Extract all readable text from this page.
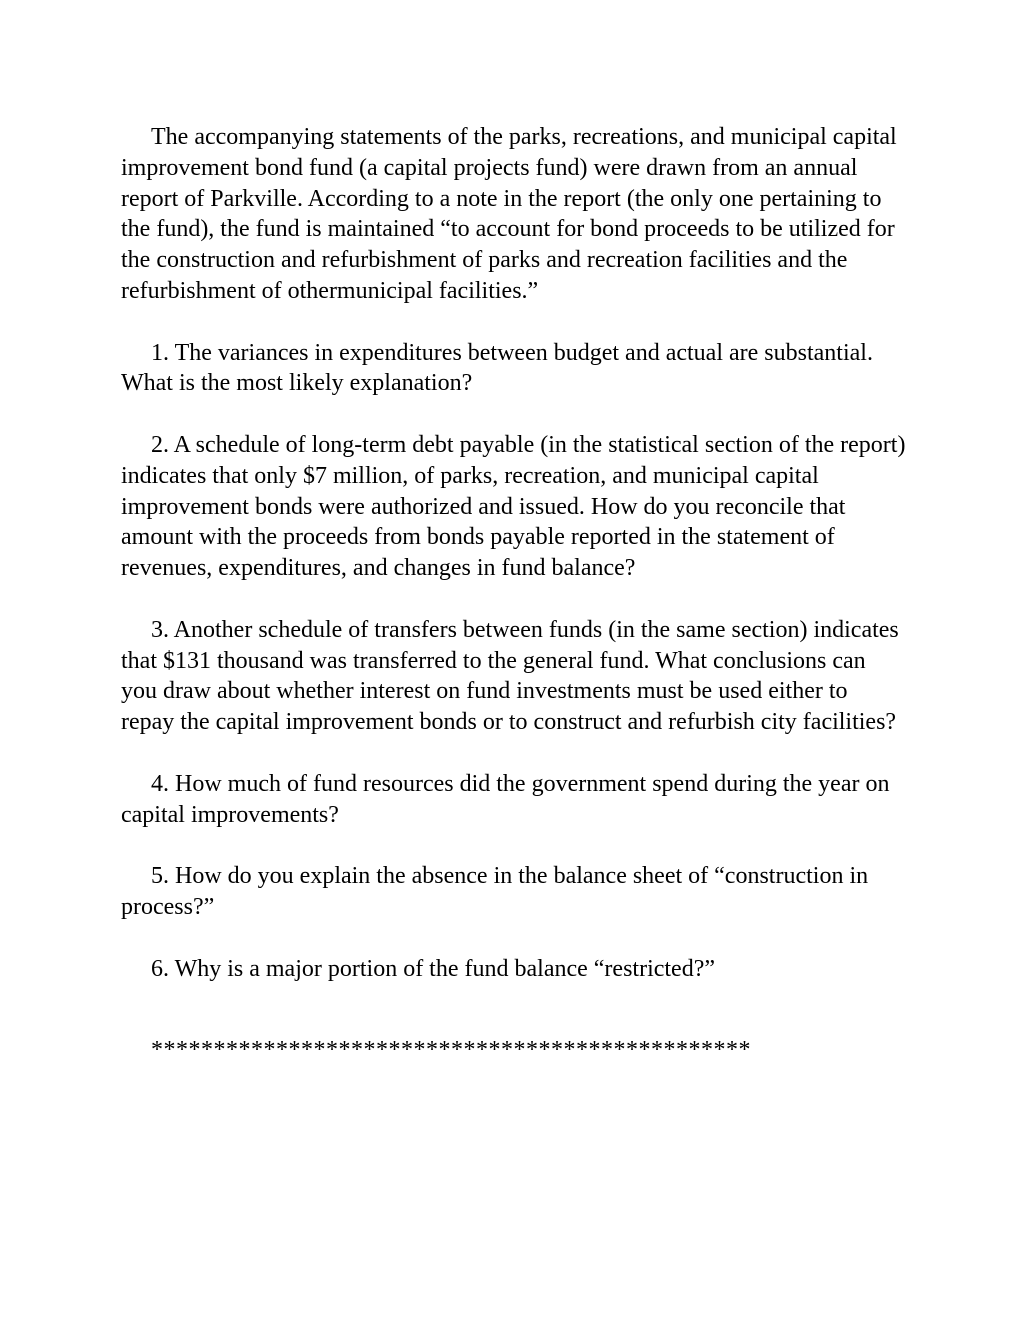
The accompanying statements of the parks, recreations, and municipal capital improvement bond fund (a capital projects fund) were drawn from an annual report of Parkville. According to a note in the report (the only one pertaining to the fund), the fund is maintained “to account for bond proceeds to be utilized for the construction and refurbishment of parks and recreation facilities and the refurbishment of othermunicipal facilities.”

1. The variances in expenditures between budget and actual are substantial. What is the most likely explanation?

2. A schedule of long-term debt payable (in the statistical section of the report) indicates that only $7 million, of parks, recreation, and municipal capital improvement bonds were authorized and issued. How do you reconcile that amount with the proceeds from bonds payable reported in the statement of revenues, expenditures, and changes in fund balance?

3. Another schedule of transfers between funds (in the same section) indicates that $131 thousand was transferred to the general fund. What conclusions can you draw about whether interest on fund investments must be used either to repay the capital improvement bonds or to construct and refurbish city facilities?

4. How much of fund resources did the government spend during the year on capital improvements?

5. How do you explain the absence in the balance sheet of “construction in process?”

6. Why is a major portion of the fund balance “restricted?”

************************************************
